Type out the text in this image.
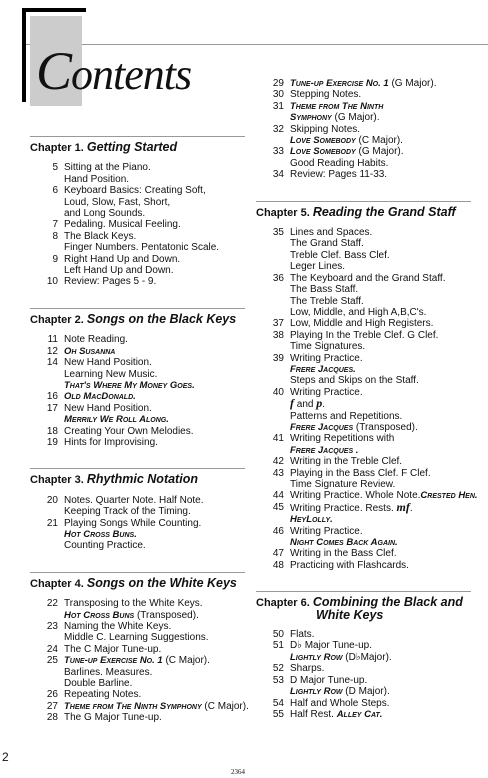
Contents
Chapter 1. Getting Started
5 Sitting at the Piano.
Hand Position.
6 Keyboard Basics: Creating Soft,
Loud, Slow, Fast, Short,
and Long Sounds.
7 Pedaling. Musical Feeling.
8 The Black Keys.
Finger Numbers. Pentatonic Scale.
9 Right Hand Up and Down.
Left Hand Up and Down.
10 Review: Pages 5 - 9.
Chapter 2. Songs on the Black Keys
11 Note Reading.
12 Oh Susanna
14 New Hand Position.
Learning New Music.
That's Where My Money Goes.
16 Old MacDonald.
17 New Hand Position.
Merrily We Roll Along.
18 Creating Your Own Melodies.
19 Hints for Improvising.
Chapter 3. Rhythmic Notation
20 Notes. Quarter Note. Half Note.
Keeping Track of the Timing.
21 Playing Songs While Counting.
Hot Cross Buns.
Counting Practice.
Chapter 4. Songs on the White Keys
22 Transposing to the White Keys.
Hot Cross Buns (Transposed).
23 Naming the White Keys.
Middle C. Learning Suggestions.
24 The C Major Tune-up.
25 Tune-up Exercise No. 1 (C Major).
Barlines. Measures.
Double Barline.
26 Repeating Notes.
27 Theme from The Ninth Symphony (C Major).
28 The G Major Tune-up.
29 Tune-up Exercise No. 1 (G Major).
30 Stepping Notes.
31 Theme from The Ninth
Symphony (G Major).
32 Skipping Notes.
Love Somebody (C Major).
33 Love Somebody (G Major).
Good Reading Habits.
34 Review: Pages 11-33.
Chapter 5. Reading the Grand Staff
35 Lines and Spaces.
The Grand Staff.
Treble Clef. Bass Clef.
Leger Lines.
36 The Keyboard and the Grand Staff.
The Bass Staff.
The Treble Staff.
Low, Middle, and High A,B,C's.
37 Low, Middle and High Registers.
38 Playing In the Treble Clef. G Clef.
Time Signatures.
39 Writing Practice.
Frere Jacques.
Steps and Skips on the Staff.
40 Writing Practice.
f and p.
Patterns and Repetitions.
Frere Jacques (Transposed).
41 Writing Repetitions with
Frere Jacques .
42 Writing in the Treble Clef.
43 Playing in the Bass Clef. F Clef.
Time Signature Review.
44 Writing Practice. Whole Note.Crested Hen.
45 Writing Practice. Rests. mf.
HeyLolly.
46 Writing Practice.
Night Comes Back Again.
47 Writing in the Bass Clef.
48 Practicing with Flashcards.
Chapter 6. Combining the Black and
White Keys
50 Flats.
51 D♭ Major Tune-up.
Lightly Row (D♭Major).
52 Sharps.
53 D Major Tune-up.
Lightly Row (D Major).
54 Half and Whole Steps.
55 Half Rest. Alley Cat.
2
2364
